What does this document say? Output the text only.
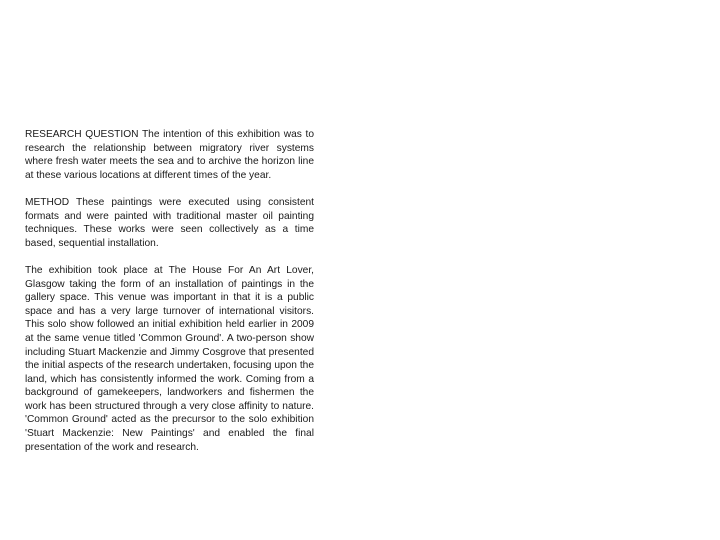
RESEARCH QUESTION The intention of this exhibition was to research the relationship between migratory river systems where fresh water meets the sea and to archive the horizon line at these various locations at different times of the year.

METHOD These paintings were executed using consistent formats and were painted with traditional master oil painting techniques. These works were seen collectively as a time based, sequential installation.

The exhibition took place at The House For An Art Lover, Glasgow taking the form of an installation of paintings in the gallery space. This venue was important in that it is a public space and has a very large turnover of international visitors. This solo show followed an initial exhibition held earlier in 2009 at the same venue titled 'Common Ground'. A two-person show including Stuart Mackenzie and Jimmy Cosgrove that presented the initial aspects of the research undertaken, focusing upon the land, which has consistently informed the work. Coming from a background of gamekeepers, landworkers and fishermen the work has been structured through a very close affinity to nature. 'Common Ground' acted as the precursor to the solo exhibition 'Stuart Mackenzie: New Paintings' and enabled the final presentation of the work and research.
